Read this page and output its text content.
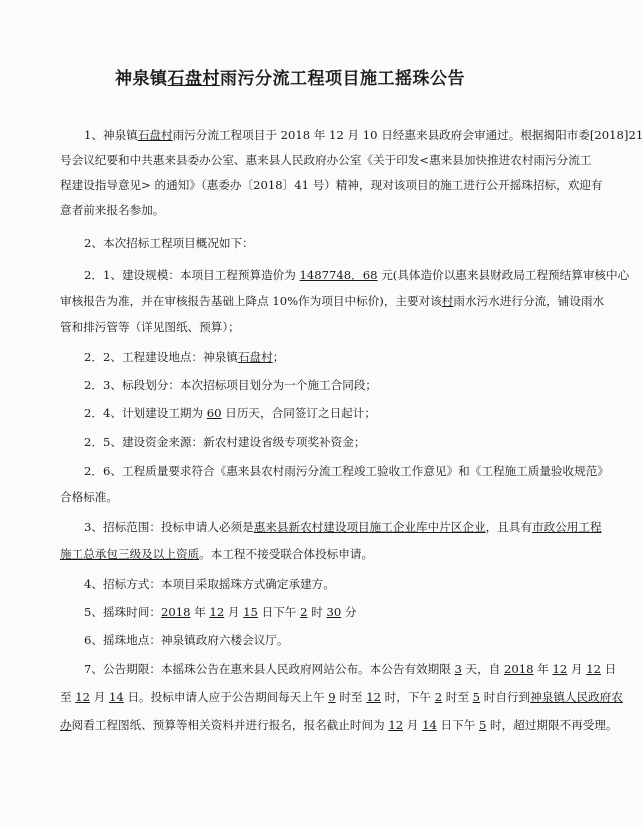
神泉镇石盘村雨污分流工程项目施工摇珠公告
1、神泉镇石盘村雨污分流工程项目于 2018 年 12 月 10 日经惠来县政府会审通过。根据揭阳市委[2018]21
号会议纪要和中共惠来县委办公室、惠来县人民政府办公室《关于印发<惠来县加快推进农村雨污分流工
程建设指导意见> 的通知》（惠委办〔2018〕41 号）精神，现对该项目的施工进行公开摇珠招标，欢迎有
意者前来报名参加。
2、本次招标工程项目概况如下：
2．1、建设规模：本项目工程预算造价为 1487748．68 元(具体造价以惠来县财政局工程预结算审核中心
审核报告为准，并在审核报告基础上降点 10%作为项目中标价)，主要对该村雨水污水进行分流，铺设雨水
管和排污管等（详见图纸、预算）；
2．2、工程建设地点：神泉镇石盘村；
2．3、标段划分：本次招标项目划分为一个施工合同段；
2．4、计划建设工期为 60 日历天，合同签订之日起计；
2．5、建设资金来源：新农村建设省级专项奖补资金；
2．6、工程质量要求符合《惠来县农村雨污分流工程竣工验收工作意见》和《工程施工质量验收规范》
合格标准。
3、招标范围：投标申请人必须是惠来县新农村建设项目施工企业库中片区企业，且具有市政公用工程
施工总承包三级及以上资质。本工程不接受联合体投标申请。
4、招标方式：本项目采取摇珠方式确定承建方。
5、摇珠时间：2018 年 12 月 15 日下午 2 时 30 分
6、摇珠地点：神泉镇政府六楼会议厅。
7、公告期限：本摇珠公告在惠来县人民政府网站公布。本公告有效期限 3 天，自 2018 年 12 月 12 日
至 12 月 14 日。投标申请人应于公告期间每天上午 9 时至 12 时，下午 2 时至 5 时自行到神泉镇人民政府农
办阅看工程图纸、预算等相关资料并进行报名，报名截止时间为 12 月 14 日下午 5 时，超过期限不再受理。
